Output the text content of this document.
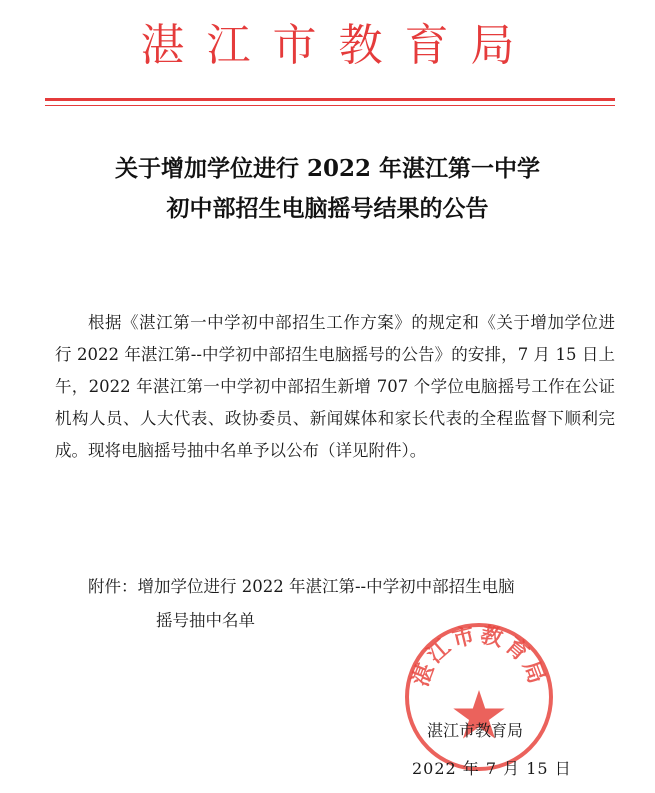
湛江市教育局
关于增加学位进行 2022 年湛江第一中学
初中部招生电脑摇号结果的公告
根据《湛江第一中学初中部招生工作方案》的规定和《关于增加学位进行 2022 年湛江第--中学初中部招生电脑摇号的公告》的安排，7 月 15 日上午，2022 年湛江第一中学初中部招生新增 707 个学位电脑摇号工作在公证机构人员、人大代表、政协委员、新闻媒体和家长代表的全程监督下顺利完成。现将电脑摇号抽中名单予以公布（详见附件）。
附件：增加学位进行 2022 年湛江第--中学初中部招生电脑
摇号抽中名单
湛江市教育局
湛江市教育局
2022 年 7 月 15 日
